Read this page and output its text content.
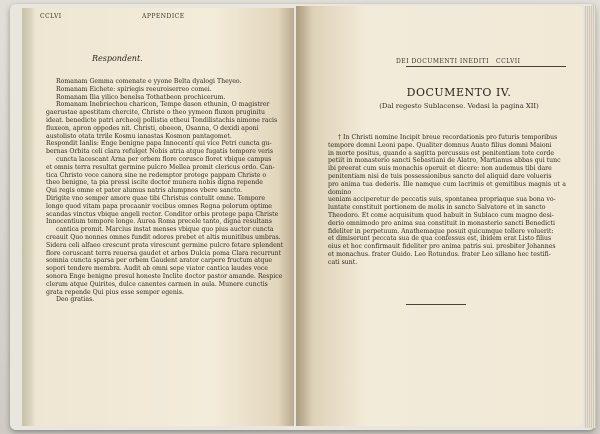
CCLVI	APPENDICE
Respondent.

Romanam Gemma comenate e yyone Belta dyalogi Theyeo.

Romanam Eichete: spiriegis reeuroiserreo comei.

Romanam Ilia yilico benelsa Tothatbeon prochicerum.

Romanam Inebriechou charicon, Tempe dason ethunin, O magistrer

gaerustae apestitam chercite, Christe o theo yymeon fluxon pruginitu

ideat. benedicte patri archeoij pollistia etheui Tondilistachis nimone racis

fluxeon, apron oppodes nit. Christi, obeeon, Osanna, O dexidi aponi

austolisto otata trrile Kosmu ianastas Kosmon pantagomet.

Respondit Ianlis: Enge benigne papa Innocenti qui vice Petri cuncta gu-

bernas Orbita celi clara refulget Nobis atria atque fugatis tempore veris

cuncta lacescant Arna per orbem flore corusco floret vbique campus

et omnis terra resultat germine pulcro Mellea promit clericus ordo. Can-

tica Christo voce canora sine ne redemptor protege pappam Christe o

theo benigne, ta pia pressi iscite doctor munera nobis digna repende

Qui regis omne et pater alumus natris alumpnos vbere sancto.

Dirigite vno semper amore quae tibi Christus contulit omne. Tempore

longo quod vitam papa procaanir vocibus omnes Regna polorum optime

scandas vinctus vbique angeli rector. Conditor orbis protege papa Christe

Innocentium tempore longe. Aurea Roma precele tanto, digna resultans

cantica promit. Marcius instat menses vbique quo pius auctor cuncta

creauit Quo nonnes omnes fundit odores prebet et altis munitibus umbras.

Sidera celi alfaeo crescunt prata virescunt germine pulcro fetare splendent

flore coruscant terra reuersa gaudet et arbos Dulcia poma Clara recurrunt

somnia cuncta sparsa per orbem Gaudent arator carpere fructum atque

sopori tendere membra. Audit ab omni sepe viator cantica laudes voce

sonora Enge benigne presul honeste Inclite doctor pastor amande. Respice

clerum atque Quirites, dulce canentes carmen in aula. Munere cunctis

grata repende Qui pius esse semper egenis.

Deo gratias.

DEI DOCUMENTI INEDITI CCLVII
DOCUMENTO IV.
(Dal regesto Sublacense. Vedasi la pagina XII)

† In Christi nomine Incipit breue recordationis pro futuris temporibus

tempore domni Leoni pape. Qualiter domnus Auato filius domni Maioni

in morte positus, quando a sagitta percussus est penitentiam tote corde

petiit in monasterio sancti Sebastiani de Alatro, Martianus abbas qui tunc

ibi preerat cum suis monachis operuit et dicere: non audemus tibi dare

penitentiam nisi de tuis possessionibus sancto del aliquid dare volueris

pro anima tua dederis. Ille namque cum lacrimis et gemitibus magnis ut a domino

ueniam acciperetur de peccatis suis, spontanea propriaque sua bona vo-

luntate constituit portionem de molis in sancto Salvatore et in sancto

Theodoro. Et come acquisitum quod habuit in Sublaco cum magno desi-

derio omnimodo pro anima sua constituit in monasterio sancti Benedicti

fideliter in perpetuum. Anathemaque posuit quicumque tollere voluerit:

et dimiserunt peccata sua de qua confessus est, ibidem erat Listo filius

eius et hoc confirmauit fideliter pro anima patris sui. presbiter Johannes

et monachus. frater Guido. Leo Rotundus. frater Leo sillano hec testifi-

cati sunt.
